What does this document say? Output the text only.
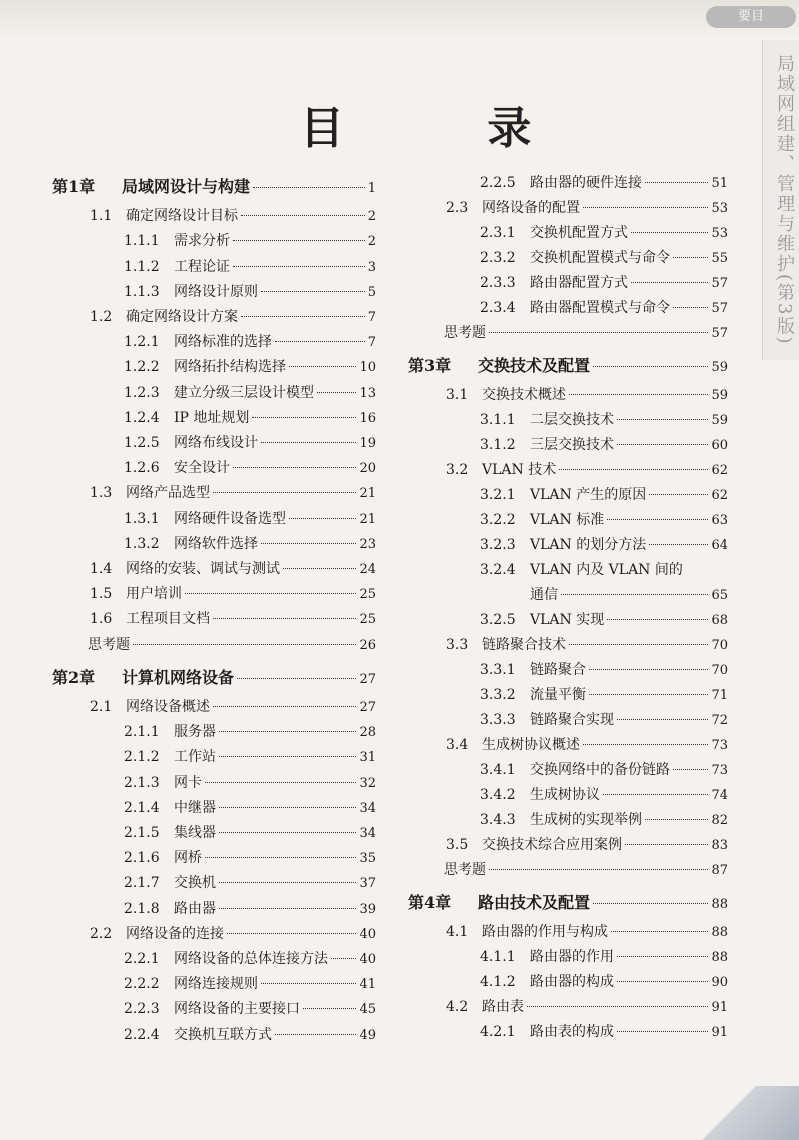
要目
局域网组建、管理与维护(第3版)
目 录
第1章	局域网设计与构建	1
1.1 确定网络设计目标	2
1.1.1	需求分析	2
1.1.2	工程论证	3
1.1.3	网络设计原则	5
1.2 确定网络设计方案	7
1.2.1	网络标准的选择	7
1.2.2	网络拓扑结构选择	10
1.2.3	建立分级三层设计模型	13
1.2.4	IP 地址规划	16
1.2.5	网络布线设计	19
1.2.6	安全设计	20
1.3 网络产品选型	21
1.3.1	网络硬件设备选型	21
1.3.2	网络软件选择	23
1.4 网络的安装、调试与测试	24
1.5 用户培训	25
1.6 工程项目文档	25
思考题	26
第2章	计算机网络设备	27
2.1 网络设备概述	27
2.1.1	服务器	28
2.1.2	工作站	31
2.1.3	网卡	32
2.1.4	中继器	34
2.1.5	集线器	34
2.1.6	网桥	35
2.1.7	交换机	37
2.1.8	路由器	39
2.2 网络设备的连接	40
2.2.1	网络设备的总体连接方法 40
2.2.2	网络连接规则	41
2.2.3	网络设备的主要接口	45
2.2.4	交换机互联方式	49
2.2.5	路由器的硬件连接	51
2.3 网络设备的配置	53
2.3.1	交换机配置方式	53
2.3.2	交换机配置模式与命令	55
2.3.3	路由器配置方式	57
2.3.4	路由器配置模式与命令	57
思考题	57
第3章	交换技术及配置	59
3.1 交换技术概述	59
3.1.1	二层交换技术	59
3.1.2	三层交换技术	60
3.2 VLAN 技术	62
3.2.1	VLAN 产生的原因	62
3.2.2	VLAN 标准	63
3.2.3	VLAN 的划分方法	64
3.2.4	VLAN 内及 VLAN 间的
通信	65
3.2.5	VLAN 实现	68
3.3 链路聚合技术	70
3.3.1	链路聚合	70
3.3.2	流量平衡	71
3.3.3	链路聚合实现	72
3.4 生成树协议概述	73
3.4.1	交换网络中的备份链路	73
3.4.2	生成树协议	74
3.4.3	生成树的实现举例	82
3.5 交换技术综合应用案例	83
思考题	87
第4章	路由技术及配置	88
4.1 路由器的作用与构成	88
4.1.1	路由器的作用	88
4.1.2	路由器的构成	90
4.2 路由表	91
4.2.1	路由表的构成	91
